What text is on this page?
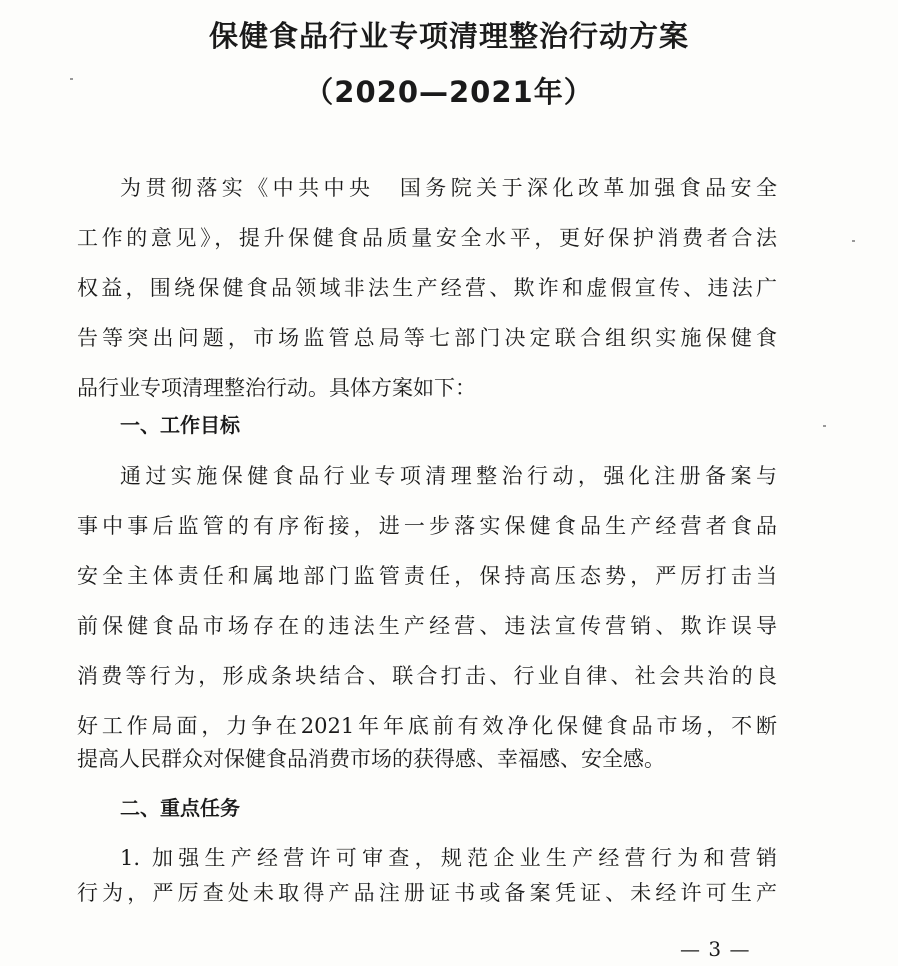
保健食品行业专项清理整治行动方案
（2020—2021年）
为贯彻落实《中共中央　国务院关于深化改革加强食品安全
工作的意见》，提升保健食品质量安全水平，更好保护消费者合法
权益，围绕保健食品领域非法生产经营、欺诈和虚假宣传、违法广
告等突出问题，市场监管总局等七部门决定联合组织实施保健食
品行业专项清理整治行动。具体方案如下：
一、工作目标
通过实施保健食品行业专项清理整治行动，强化注册备案与
事中事后监管的有序衔接，进一步落实保健食品生产经营者食品
安全主体责任和属地部门监管责任，保持高压态势，严厉打击当
前保健食品市场存在的违法生产经营、违法宣传营销、欺诈误导
消费等行为，形成条块结合、联合打击、行业自律、社会共治的良
好工作局面，力争在2021年年底前有效净化保健食品市场，不断
提高人民群众对保健食品消费市场的获得感、幸福感、安全感。
二、重点任务
1. 加强生产经营许可审查，规范企业生产经营行为和营销
行为，严厉查处未取得产品注册证书或备案凭证、未经许可生产
— 3 —
